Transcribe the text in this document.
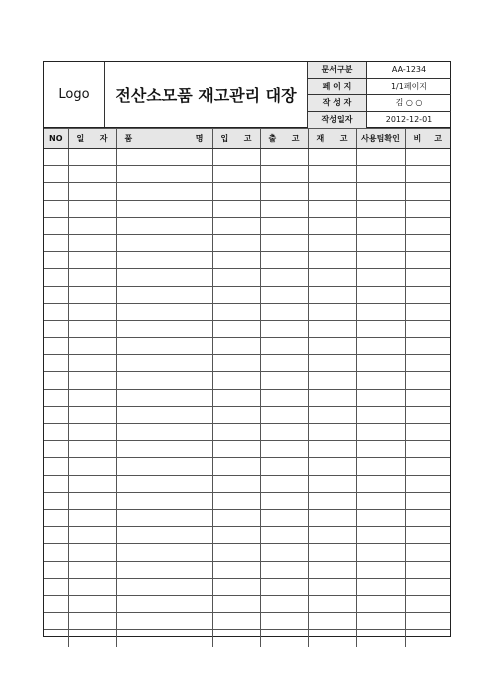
Logo	전산소모품 재고관리 대장
문서구분	AA-1234
페 이 지	1/1페이지
작 성 자	김 ○ ○
작성일자	2012-12-01
NO	일 자	품 명	입 고	출 고	재 고	사용팀확인	비 고
